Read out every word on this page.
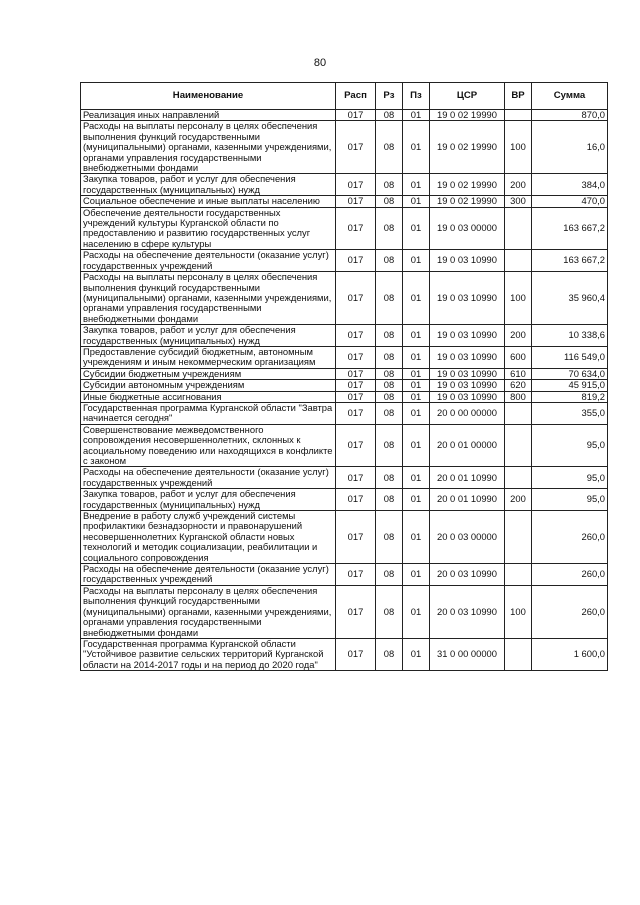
80
Наименование	Расп	Рз	Пз	ЦСР	ВР	Сумма
Реализация иных направлений	017	08	01	19 0 02 19990		870,0
Расходы на выплаты персоналу в целях обеспечения выполнения функций государственными (муниципальными) органами, казенными учреждениями, органами управления государственными внебюджетными фондами	017	08	01	19 0 02 19990	100	16,0
Закупка товаров, работ и услуг для обеспечения государственных (муниципальных) нужд	017	08	01	19 0 02 19990	200	384,0
Социальное обеспечение и иные выплаты населению	017	08	01	19 0 02 19990	300	470,0
Обеспечение деятельности государственных учреждений культуры Курганской области по предоставлению и развитию государственных услуг населению в сфере культуры	017	08	01	19 0 03 00000		163 667,2
Расходы на обеспечение деятельности (оказание услуг) государственных учреждений	017	08	01	19 0 03 10990		163 667,2
Расходы на выплаты персоналу в целях обеспечения выполнения функций государственными (муниципальными) органами, казенными учреждениями, органами управления государственными внебюджетными фондами	017	08	01	19 0 03 10990	100	35 960,4
Закупка товаров, работ и услуг для обеспечения государственных (муниципальных) нужд	017	08	01	19 0 03 10990	200	10 338,6
Предоставление субсидий бюджетным, автономным учреждениям и иным некоммерческим организациям	017	08	01	19 0 03 10990	600	116 549,0
Субсидии бюджетным учреждениям	017	08	01	19 0 03 10990	610	70 634,0
Субсидии автономным учреждениям	017	08	01	19 0 03 10990	620	45 915,0
Иные бюджетные ассигнования	017	08	01	19 0 03 10990	800	819,2
Государственная программа Курганской области "Завтра начинается сегодня"	017	08	01	20 0 00 00000		355,0
Совершенствование межведомственного сопровождения несовершеннолетних, склонных к асоциальному поведению или находящихся в конфликте с законом	017	08	01	20 0 01 00000		95,0
Расходы на обеспечение деятельности (оказание услуг) государственных учреждений	017	08	01	20 0 01 10990		95,0
Закупка товаров, работ и услуг для обеспечения государственных (муниципальных) нужд	017	08	01	20 0 01 10990	200	95,0
Внедрение в работу служб учреждений системы профилактики безнадзорности и правонарушений несовершеннолетних Курганской области новых технологий и методик социализации, реабилитации и социального сопровождения	017	08	01	20 0 03 00000		260,0
Расходы на обеспечение деятельности (оказание услуг) государственных учреждений	017	08	01	20 0 03 10990		260,0
Расходы на выплаты персоналу в целях обеспечения выполнения функций государственными (муниципальными) органами, казенными учреждениями, органами управления государственными внебюджетными фондами	017	08	01	20 0 03 10990	100	260,0
Государственная программа Курганской области "Устойчивое развитие сельских территорий Курганской области на 2014-2017 годы и на период до 2020 года"	017	08	01	31 0 00 00000		1 600,0
